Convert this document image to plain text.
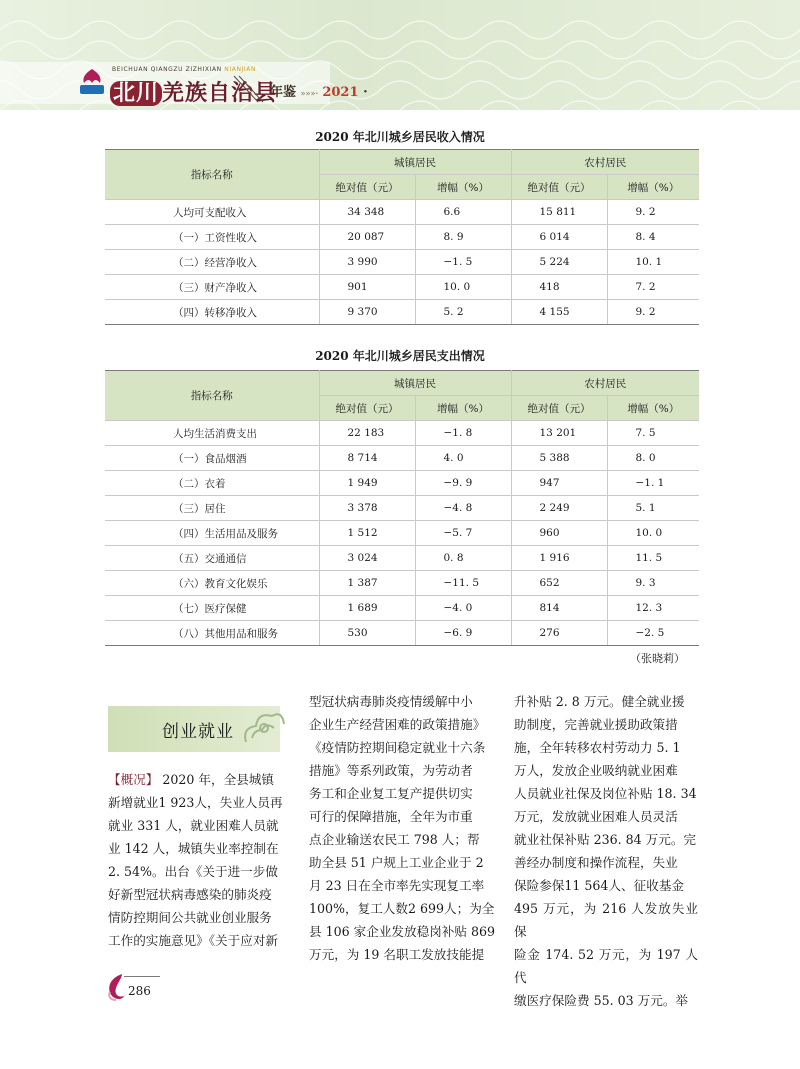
BEICHUAN QIANGZU ZIZHIXIAN NIANJIAN
北川 羌族自治县
年鉴 »»»· 2021 ·
2020 年北川城乡居民收入情况
指标名称	城镇居民		农村居民	
	绝对值（元）	增幅（%）	绝对值（元）	增幅（%）
人均可支配收入	34 348	6.6	15 811	9. 2
（一）工资性收入	20 087	8. 9	6 014	8. 4
（二）经营净收入	3 990	−1. 5	5 224	10. 1
（三）财产净收入	901	10. 0	418	7. 2
（四）转移净收入	9 370	5. 2	4 155	9. 2
2020 年北川城乡居民支出情况
指标名称	城镇居民		农村居民	
	绝对值（元）	增幅（%）	绝对值（元）	增幅（%）
人均生活消费支出	22 183	−1. 8	13 201	7. 5
（一）食品烟酒	8 714	4. 0	5 388	8. 0
（二）衣着	1 949	−9. 9	947	−1. 1
（三）居住	3 378	−4. 8	2 249	5. 1
（四）生活用品及服务	1 512	−5. 7	960	10. 0
（五）交通通信	3 024	0. 8	1 916	11. 5
（六）教育文化娱乐	1 387	−11. 5	652	9. 3
（七）医疗保健	1 689	−4. 0	814	12. 3
（八）其他用品和服务	530	−6. 9	276	−2. 5
（张晓莉）
创业就业

【概况】 2020 年，全县城镇
新增就业1 923人，失业人员再
就业 331 人，就业困难人员就
业 142 人，城镇失业率控制在
2. 54%。出台《关于进一步做
好新型冠状病毒感染的肺炎疫
情防控期间公共就业创业服务
工作的实施意见》《关于应对新

型冠状病毒肺炎疫情缓解中小
企业生产经营困难的政策措施》
《疫情防控期间稳定就业十六条
措施》等系列政策，为劳动者
务工和企业复工复产提供切实
可行的保障措施，全年为市重
点企业输送农民工 798 人；帮
助全县 51 户规上工业企业于 2
月 23 日在全市率先实现复工率
100%，复工人数2 699人；为全
县 106 家企业发放稳岗补贴 869
万元，为 19 名职工发放技能提

升补贴 2. 8 万元。健全就业援
助制度，完善就业援助政策措
施，全年转移农村劳动力 5. 1
万人，发放企业吸纳就业困难
人员就业社保及岗位补贴 18. 34
万元，发放就业困难人员灵活
就业社保补贴 236. 84 万元。完
善经办制度和操作流程，失业
保险参保11 564人、征收基金
495 万元，为 216 人发放失业保
险金 174. 52 万元，为 197 人代
缴医疗保险费 55. 03 万元。举

286
